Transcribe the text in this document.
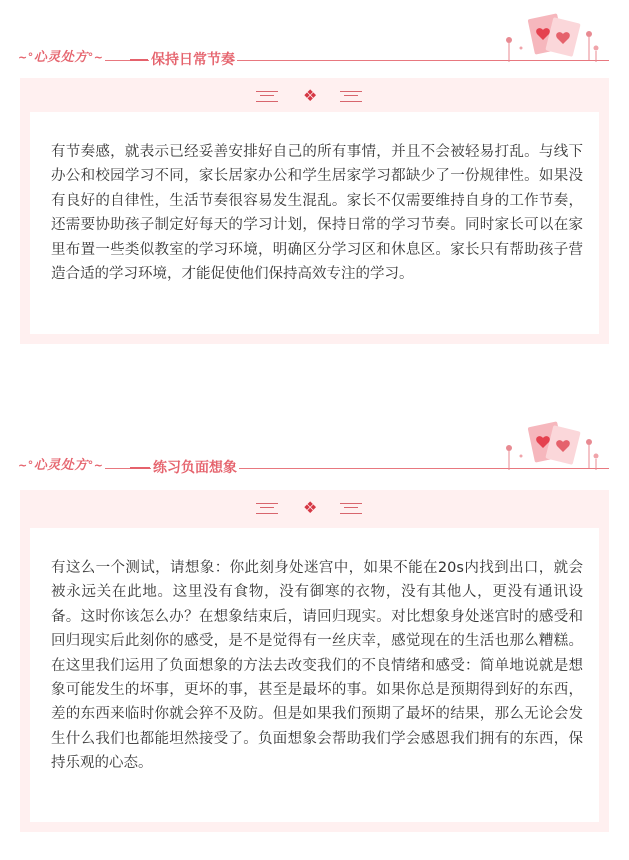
~°心灵处方°~	保持日常节奏
❖

有节奏感，就表示已经妥善安排好自己的所有事情，并且不会被轻易打乱。与线下办公和校园学习不同，家长居家办公和学生居家学习都缺少了一份规律性。如果没有良好的自律性，生活节奏很容易发生混乱。家长不仅需要维持自身的工作节奏，还需要协助孩子制定好每天的学习计划，保持日常的学习节奏。同时家长可以在家里布置一些类似教室的学习环境，明确区分学习区和休息区。家长只有帮助孩子营造合适的学习环境，才能促使他们保持高效专注的学习。

~°心灵处方°~	练习负面想象
❖

有这么一个测试，请想象：你此刻身处迷宫中，如果不能在20s内找到出口，就会被永远关在此地。这里没有食物，没有御寒的衣物，没有其他人，更没有通讯设备。这时你该怎么办？在想象结束后，请回归现实。对比想象身处迷宫时的感受和回归现实后此刻你的感受，是不是觉得有一丝庆幸，感觉现在的生活也那么糟糕。在这里我们运用了负面想象的方法去改变我们的不良情绪和感受：简单地说就是想象可能发生的坏事，更坏的事，甚至是最坏的事。如果你总是预期得到好的东西，差的东西来临时你就会猝不及防。但是如果我们预期了最坏的结果，那么无论会发生什么我们也都能坦然接受了。负面想象会帮助我们学会感恩我们拥有的东西，保持乐观的心态。
